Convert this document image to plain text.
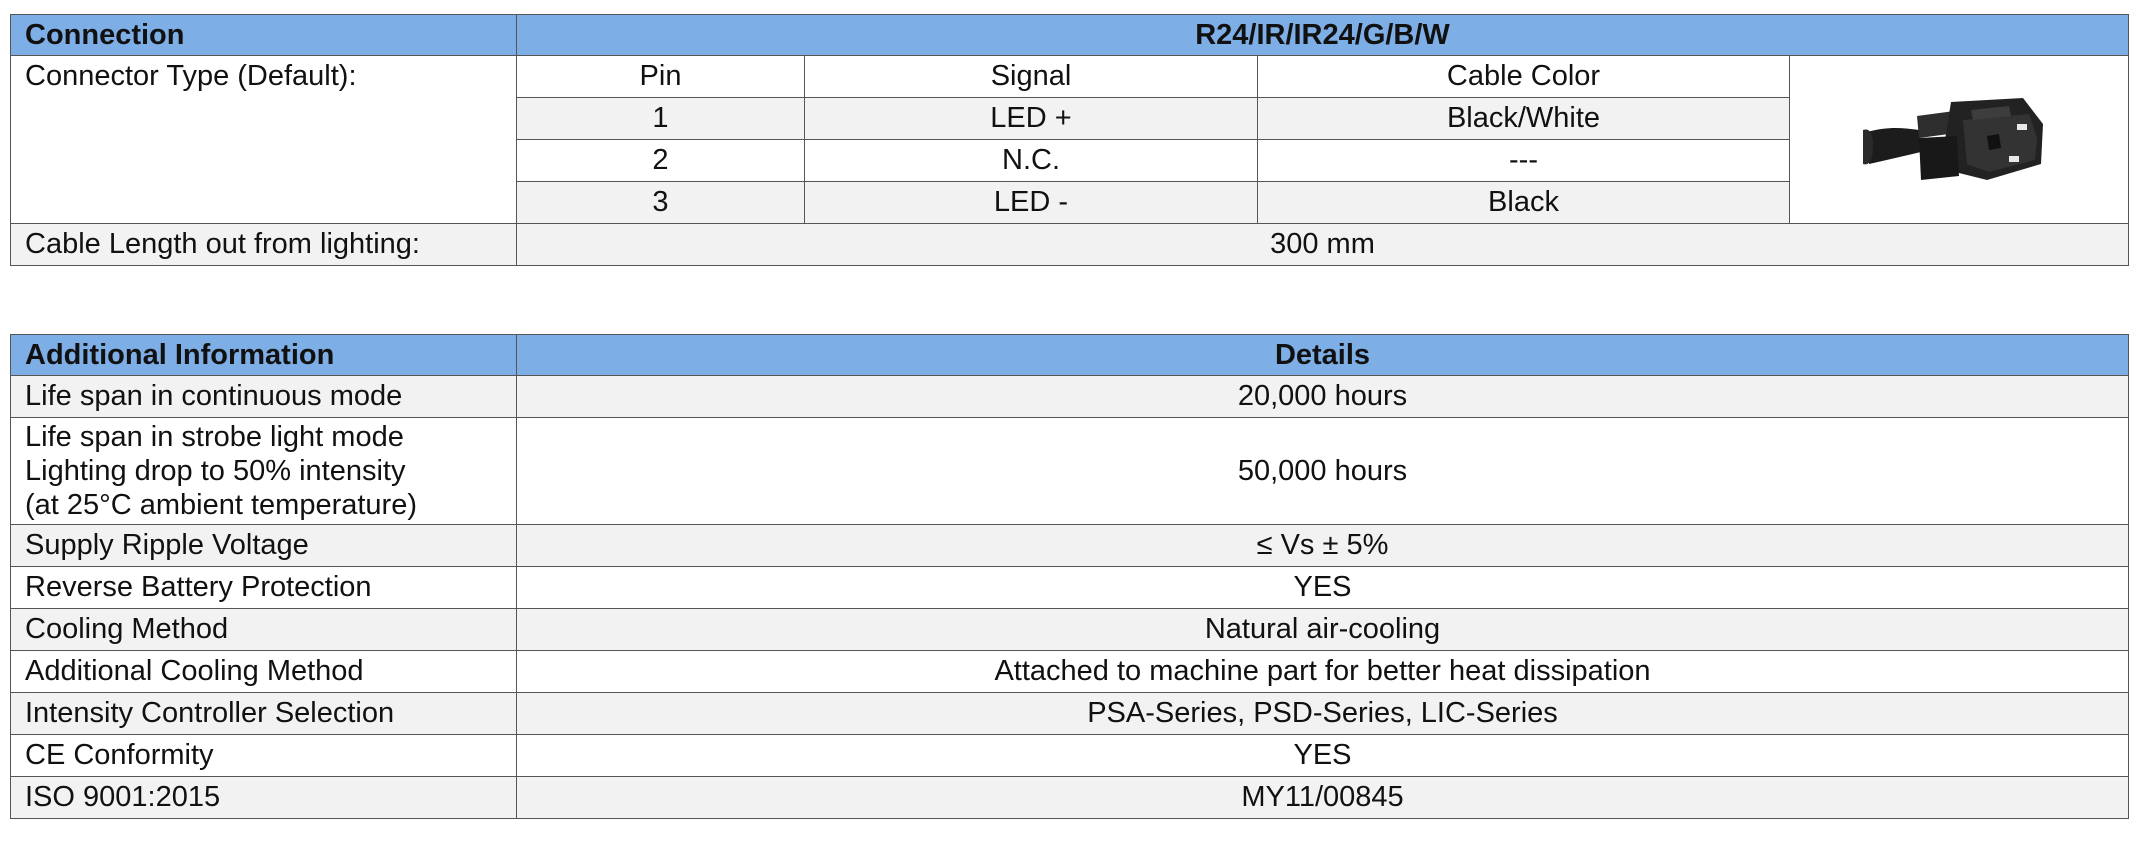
Connection	R24/IR/IR24/G/B/W			
Connector Type (Default):	Pin	Signal	Cable Color	

	1	LED +	Black/White	
	2	N.C.	---	
	3	LED -	Black	
Cable Length out from lighting:	300 mm			
Additional Information	Details
Life span in continuous mode	20,000 hours

Life span in strobe light mode
Lighting drop to 50% intensity
(at 25°C ambient temperature)	50,000 hours
Supply Ripple Voltage	≤ Vs ± 5%
Reverse Battery Protection	YES
Cooling Method	Natural air-cooling
Additional Cooling Method	Attached to machine part for better heat dissipation
Intensity Controller Selection	PSA-Series, PSD-Series, LIC-Series
CE Conformity	YES
ISO 9001:2015	MY11/00845
